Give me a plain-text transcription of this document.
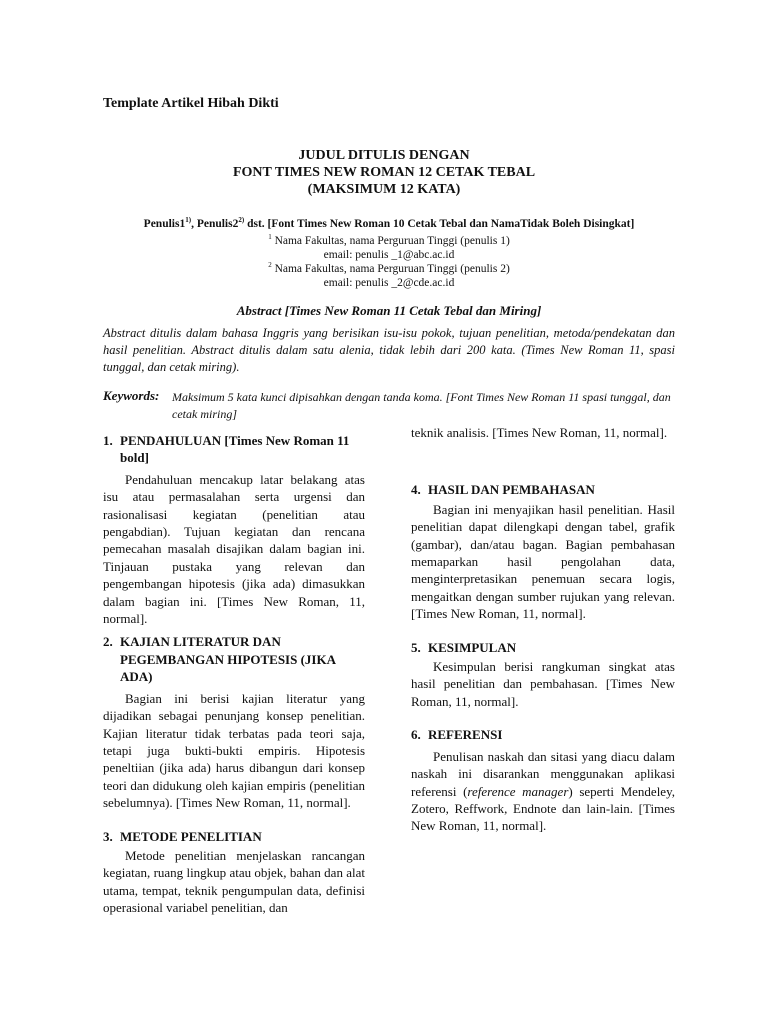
Template Artikel Hibah Dikti
JUDUL DITULIS DENGAN
FONT TIMES NEW ROMAN 12 CETAK TEBAL
(MAKSIMUM 12 KATA)
Penulis1$^{1)}$, Penulis2$^{2)}$ dst. [Font Times New Roman 10 Cetak Tebal dan NamaTidak Boleh Disingkat]
$^1$ Nama Fakultas, nama Perguruan Tinggi (penulis 1)
email: penulis _1@abc.ac.id
$^2$ Nama Fakultas, nama Perguruan Tinggi (penulis 2)
email: penulis _2@cde.ac.id
Abstract [Times New Roman 11 Cetak Tebal dan Miring]
Abstract ditulis dalam bahasa Inggris yang berisikan isu-isu pokok, tujuan penelitian, metoda/pendekatan dan hasil penelitian. Abstract ditulis dalam satu alenia, tidak lebih dari 200 kata. (Times New Roman 11, spasi tunggal, dan cetak miring).
Keywords: Maksimum 5 kata kunci dipisahkan dengan tanda koma. [Font Times New Roman 11 spasi tunggal, dan cetak miring]
1. PENDAHULUAN [Times New Roman 11 bold]

Pendahuluan mencakup latar belakang atas isu atau permasalahan serta urgensi dan rasionalisasi kegiatan (penelitian atau pengabdian). Tujuan kegiatan dan rencana pemecahan masalah disajikan dalam bagian ini. Tinjauan pustaka yang relevan dan pengembangan hipotesis (jika ada) dimasukkan dalam bagian ini. [Times New Roman, 11, normal].

2. KAJIAN LITERATUR DAN PEGEMBANGAN HIPOTESIS (JIKA ADA)

Bagian ini berisi kajian literatur yang dijadikan sebagai penunjang konsep penelitian. Kajian literatur tidak terbatas pada teori saja, tetapi juga bukti-bukti empiris. Hipotesis peneltiian (jika ada) harus dibangun dari konsep teori dan didukung oleh kajian empiris (penelitian sebelumnya). [Times New Roman, 11, normal].

3. METODE PENELITIAN

Metode penelitian menjelaskan rancangan kegiatan, ruang lingkup atau objek, bahan dan alat utama, tempat, teknik pengumpulan data, definisi operasional variabel penelitian, dan

teknik analisis. [Times New Roman, 11, normal].

4. HASIL DAN PEMBAHASAN

Bagian ini menyajikan hasil penelitian. Hasil penelitian dapat dilengkapi dengan tabel, grafik (gambar), dan/atau bagan. Bagian pembahasan memaparkan hasil pengolahan data, menginterpretasikan penemuan secara logis, mengaitkan dengan sumber rujukan yang relevan. [Times New Roman, 11, normal].

5. KESIMPULAN

Kesimpulan berisi rangkuman singkat atas hasil penelitian dan pembahasan. [Times New Roman, 11, normal].

6. REFERENSI

Penulisan naskah dan sitasi yang diacu dalam naskah ini disarankan menggunakan aplikasi referensi (reference manager) seperti Mendeley, Zotero, Reffwork, Endnote dan lain-lain. [Times New Roman, 11, normal].
